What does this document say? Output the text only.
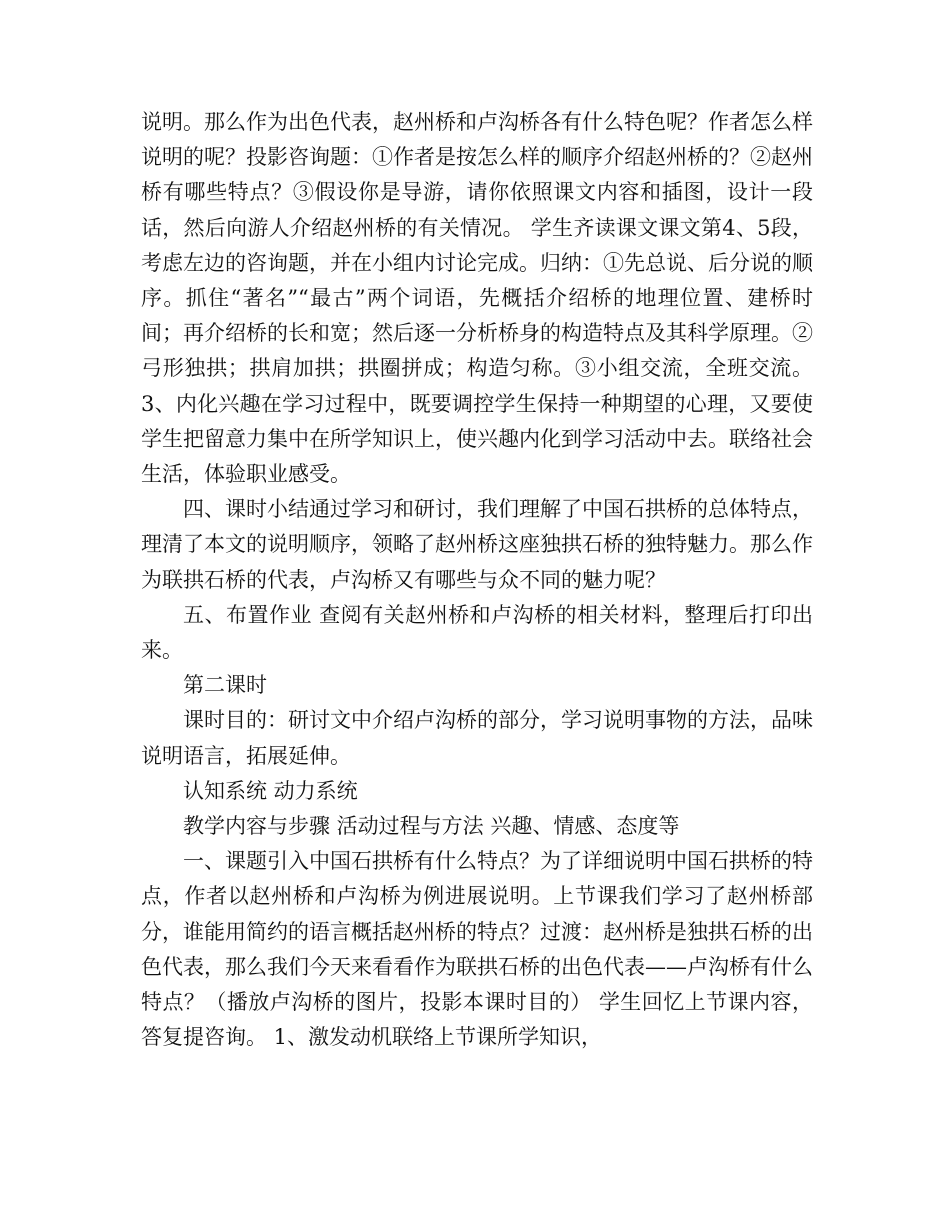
说明。那么作为出色代表，赵州桥和卢沟桥各有什么特色呢？作者怎么样说明的呢？投影咨询题：①作者是按怎么样的顺序介绍赵州桥的？②赵州桥有哪些特点？③假设你是导游，请你依照课文内容和插图，设计一段话，然后向游人介绍赵州桥的有关情况。 学生齐读课文课文第4、5段，考虑左边的咨询题，并在小组内讨论完成。归纳：①先总说、后分说的顺序。抓住“著名”“最古”两个词语，先概括介绍桥的地理位置、建桥时间；再介绍桥的长和宽；然后逐一分析桥身的构造特点及其科学原理。②弓形独拱；拱肩加拱；拱圈拼成；构造匀称。③小组交流，全班交流。 3、内化兴趣在学习过程中，既要调控学生保持一种期望的心理，又要使学生把留意力集中在所学知识上，使兴趣内化到学习活动中去。联络社会生活，体验职业感受。

四、课时小结通过学习和研讨，我们理解了中国石拱桥的总体特点，理清了本文的说明顺序，领略了赵州桥这座独拱石桥的独特魅力。那么作为联拱石桥的代表，卢沟桥又有哪些与众不同的魅力呢？

五、布置作业 查阅有关赵州桥和卢沟桥的相关材料，整理后打印出来。

第二课时

课时目的：研讨文中介绍卢沟桥的部分，学习说明事物的方法，品味说明语言，拓展延伸。

认知系统 动力系统

教学内容与步骤 活动过程与方法 兴趣、情感、态度等

一、课题引入中国石拱桥有什么特点？为了详细说明中国石拱桥的特点，作者以赵州桥和卢沟桥为例进展说明。上节课我们学习了赵州桥部分，谁能用简约的语言概括赵州桥的特点？过渡：赵州桥是独拱石桥的出色代表，那么我们今天来看看作为联拱石桥的出色代表——卢沟桥有什么特点？（播放卢沟桥的图片，投影本课时目的） 学生回忆上节课内容，答复提咨询。 1、激发动机联络上节课所学知识，
